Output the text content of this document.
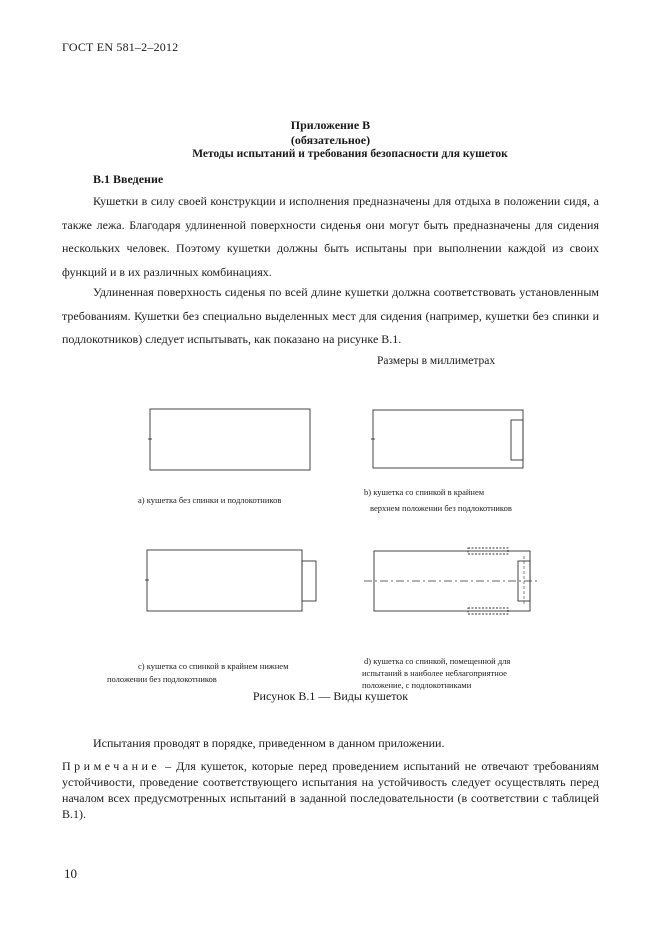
ГОСТ EN 581–2–2012
Приложение B
(обязательное)
Методы испытаний и требования безопасности для кушеток
B.1 Введение
Кушетки в силу своей конструкции и исполнения предназначены для отдыха в положении сидя, а также лежа. Благодаря удлиненной поверхности сиденья они могут быть предназначены для сидения нескольких человек. Поэтому кушетки должны быть испытаны при выполнении каждой из своих функций и в их различных комбинациях.
Удлиненная поверхность сиденья по всей длине кушетки должна соответствовать установленным требованиям. Кушетки без специально выделенных мест для сидения (например, кушетки без спинки и подлокотников) следует испытывать, как показано на рисунке B.1.
Размеры в миллиметрах
a) кушетка без спинки и подлокотников
b) кушетка со спинкой в крайнем
верхнем положении без подлокотников
c) кушетка со спинкой в крайнем нижнем
положении без подлокотников
d) кушетка со спинкой, помещенной для
испытаний в наиболее неблагоприятное
положение, с подлокотниками
Рисунок B.1 — Виды кушеток
Испытания проводят в порядке, приведенном в данном приложении.
Примечание – Для кушеток, которые перед проведением испытаний не отвечают требованиям устойчивости, проведение соответствующего испытания на устойчивость следует осуществлять перед началом всех предусмотренных испытаний в заданной последовательности (в соответствии с таблицей B.1).
10
